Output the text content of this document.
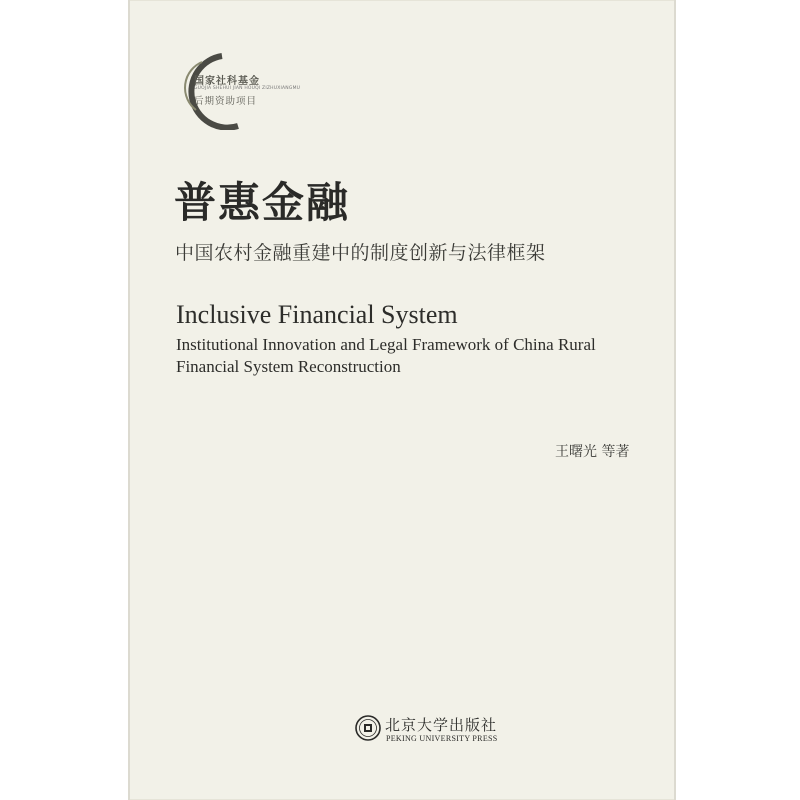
国家社科基金
GUOJIA SHEHUI JIAN HOUQI ZIZHUXIANGMU
后期资助项目
普惠金融
中国农村金融重建中的制度创新与法律框架
Inclusive Financial System
Institutional Innovation and Legal Framework of China Rural
Financial System Reconstruction
王曙光 等著
北京大学出版社
PEKING UNIVERSITY PRESS
